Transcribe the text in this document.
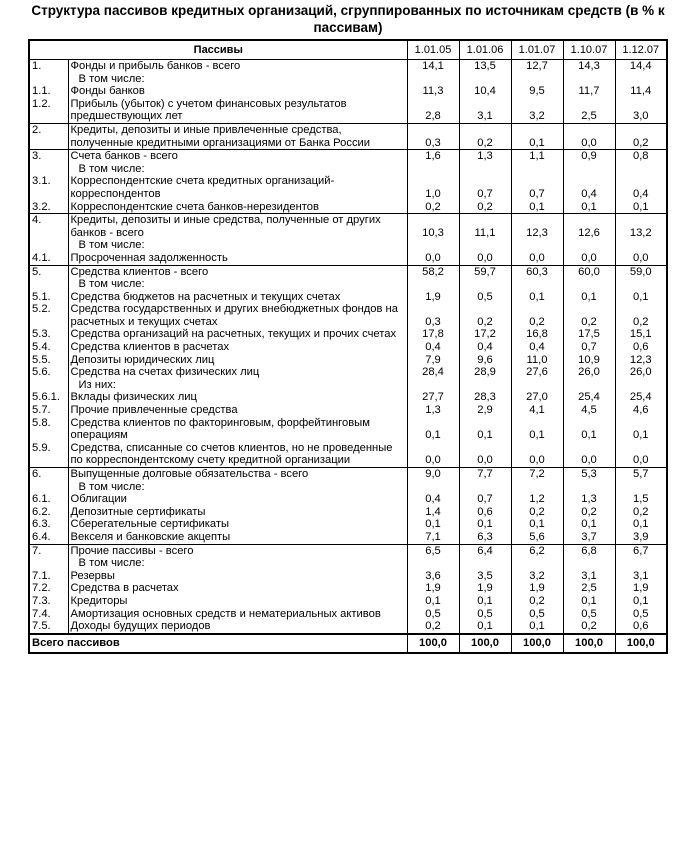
Структура пассивов кредитных организаций, сгруппированных по источникам средств (в % к пассивам)
Пассивы		1.01.05	1.01.06	1.01.07	1.10.07	1.12.07
1.	Фонды и прибыль банков - всего	14,1	13,5	12,7	14,3	14,4
	В том числе:					
1.1.	Фонды банков	11,3	10,4	9,5	11,7	11,4
1.2.	Прибыль (убыток) с учетом финансовых результатов предшествующих лет	2,8	3,1	3,2	2,5	3,0
2.	Кредиты, депозиты и иные привлеченные средства, полученные кредитными организациями от Банка России	0,3	0,2	0,1	0,0	0,2
3.	Счета банков - всего	1,6	1,3	1,1	0,9	0,8
	В том числе:					
3.1.	Корреспондентские счета кредитных организаций-корреспондентов	1,0	0,7	0,7	0,4	0,4
3.2.	Корреспондентские счета банков-нерезидентов	0,2	0,2	0,1	0,1	0,1
4.	Кредиты, депозиты и иные средства, полученные от других банков - всего	10,3	11,1	12,3	12,6	13,2
	В том числе:					
4.1.	Просроченная задолженность	0,0	0,0	0,0	0,0	0,0
5.	Средства клиентов - всего	58,2	59,7	60,3	60,0	59,0
	В том числе:					
5.1.	Средства бюджетов на расчетных и текущих счетах	1,9	0,5	0,1	0,1	0,1
5.2.	Средства государственных и других внебюджетных фондов на расчетных и текущих счетах	0,3	0,2	0,2	0,2	0,2
5.3.	Средства организаций на расчетных, текущих и прочих счетах	17,8	17,2	16,8	17,5	15,1
5.4.	Средства клиентов в расчетах	0,4	0,4	0,4	0,7	0,6
5.5.	Депозиты юридических лиц	7,9	9,6	11,0	10,9	12,3
5.6.	Средства на счетах физических лиц	28,4	28,9	27,6	26,0	26,0
	Из них:					
5.6.1.	Вклады физических лиц	27,7	28,3	27,0	25,4	25,4
5.7.	Прочие привлеченные средства	1,3	2,9	4,1	4,5	4,6
5.8.	Средства клиентов по факторинговым, форфейтинговым операциям	0,1	0,1	0,1	0,1	0,1
5.9.	Средства, списанные со счетов клиентов, но не проведенные по корреспондентскому счету кредитной организации	0,0	0,0	0,0	0,0	0,0
6.	Выпущенные долговые обязательства - всего	9,0	7,7	7,2	5,3	5,7
	В том числе:					
6.1.	Облигации	0,4	0,7	1,2	1,3	1,5
6.2.	Депозитные сертификаты	1,4	0,6	0,2	0,2	0,2
6.3.	Сберегательные сертификаты	0,1	0,1	0,1	0,1	0,1
6.4.	Векселя и банковские акцепты	7,1	6,3	5,6	3,7	3,9
7.	Прочие пассивы - всего	6,5	6,4	6,2	6,8	6,7
	В том числе:					
7.1.	Резервы	3,6	3,5	3,2	3,1	3,1
7.2.	Средства в расчетах	1,9	1,9	1,9	2,5	1,9
7.3.	Кредиторы	0,1	0,1	0,2	0,1	0,1
7.4.	Амортизация основных средств и нематериальных активов	0,5	0,5	0,5	0,5	0,5
7.5.	Доходы будущих периодов	0,2	0,1	0,1	0,2	0,6
Всего пассивов		100,0	100,0	100,0	100,0	100,0
